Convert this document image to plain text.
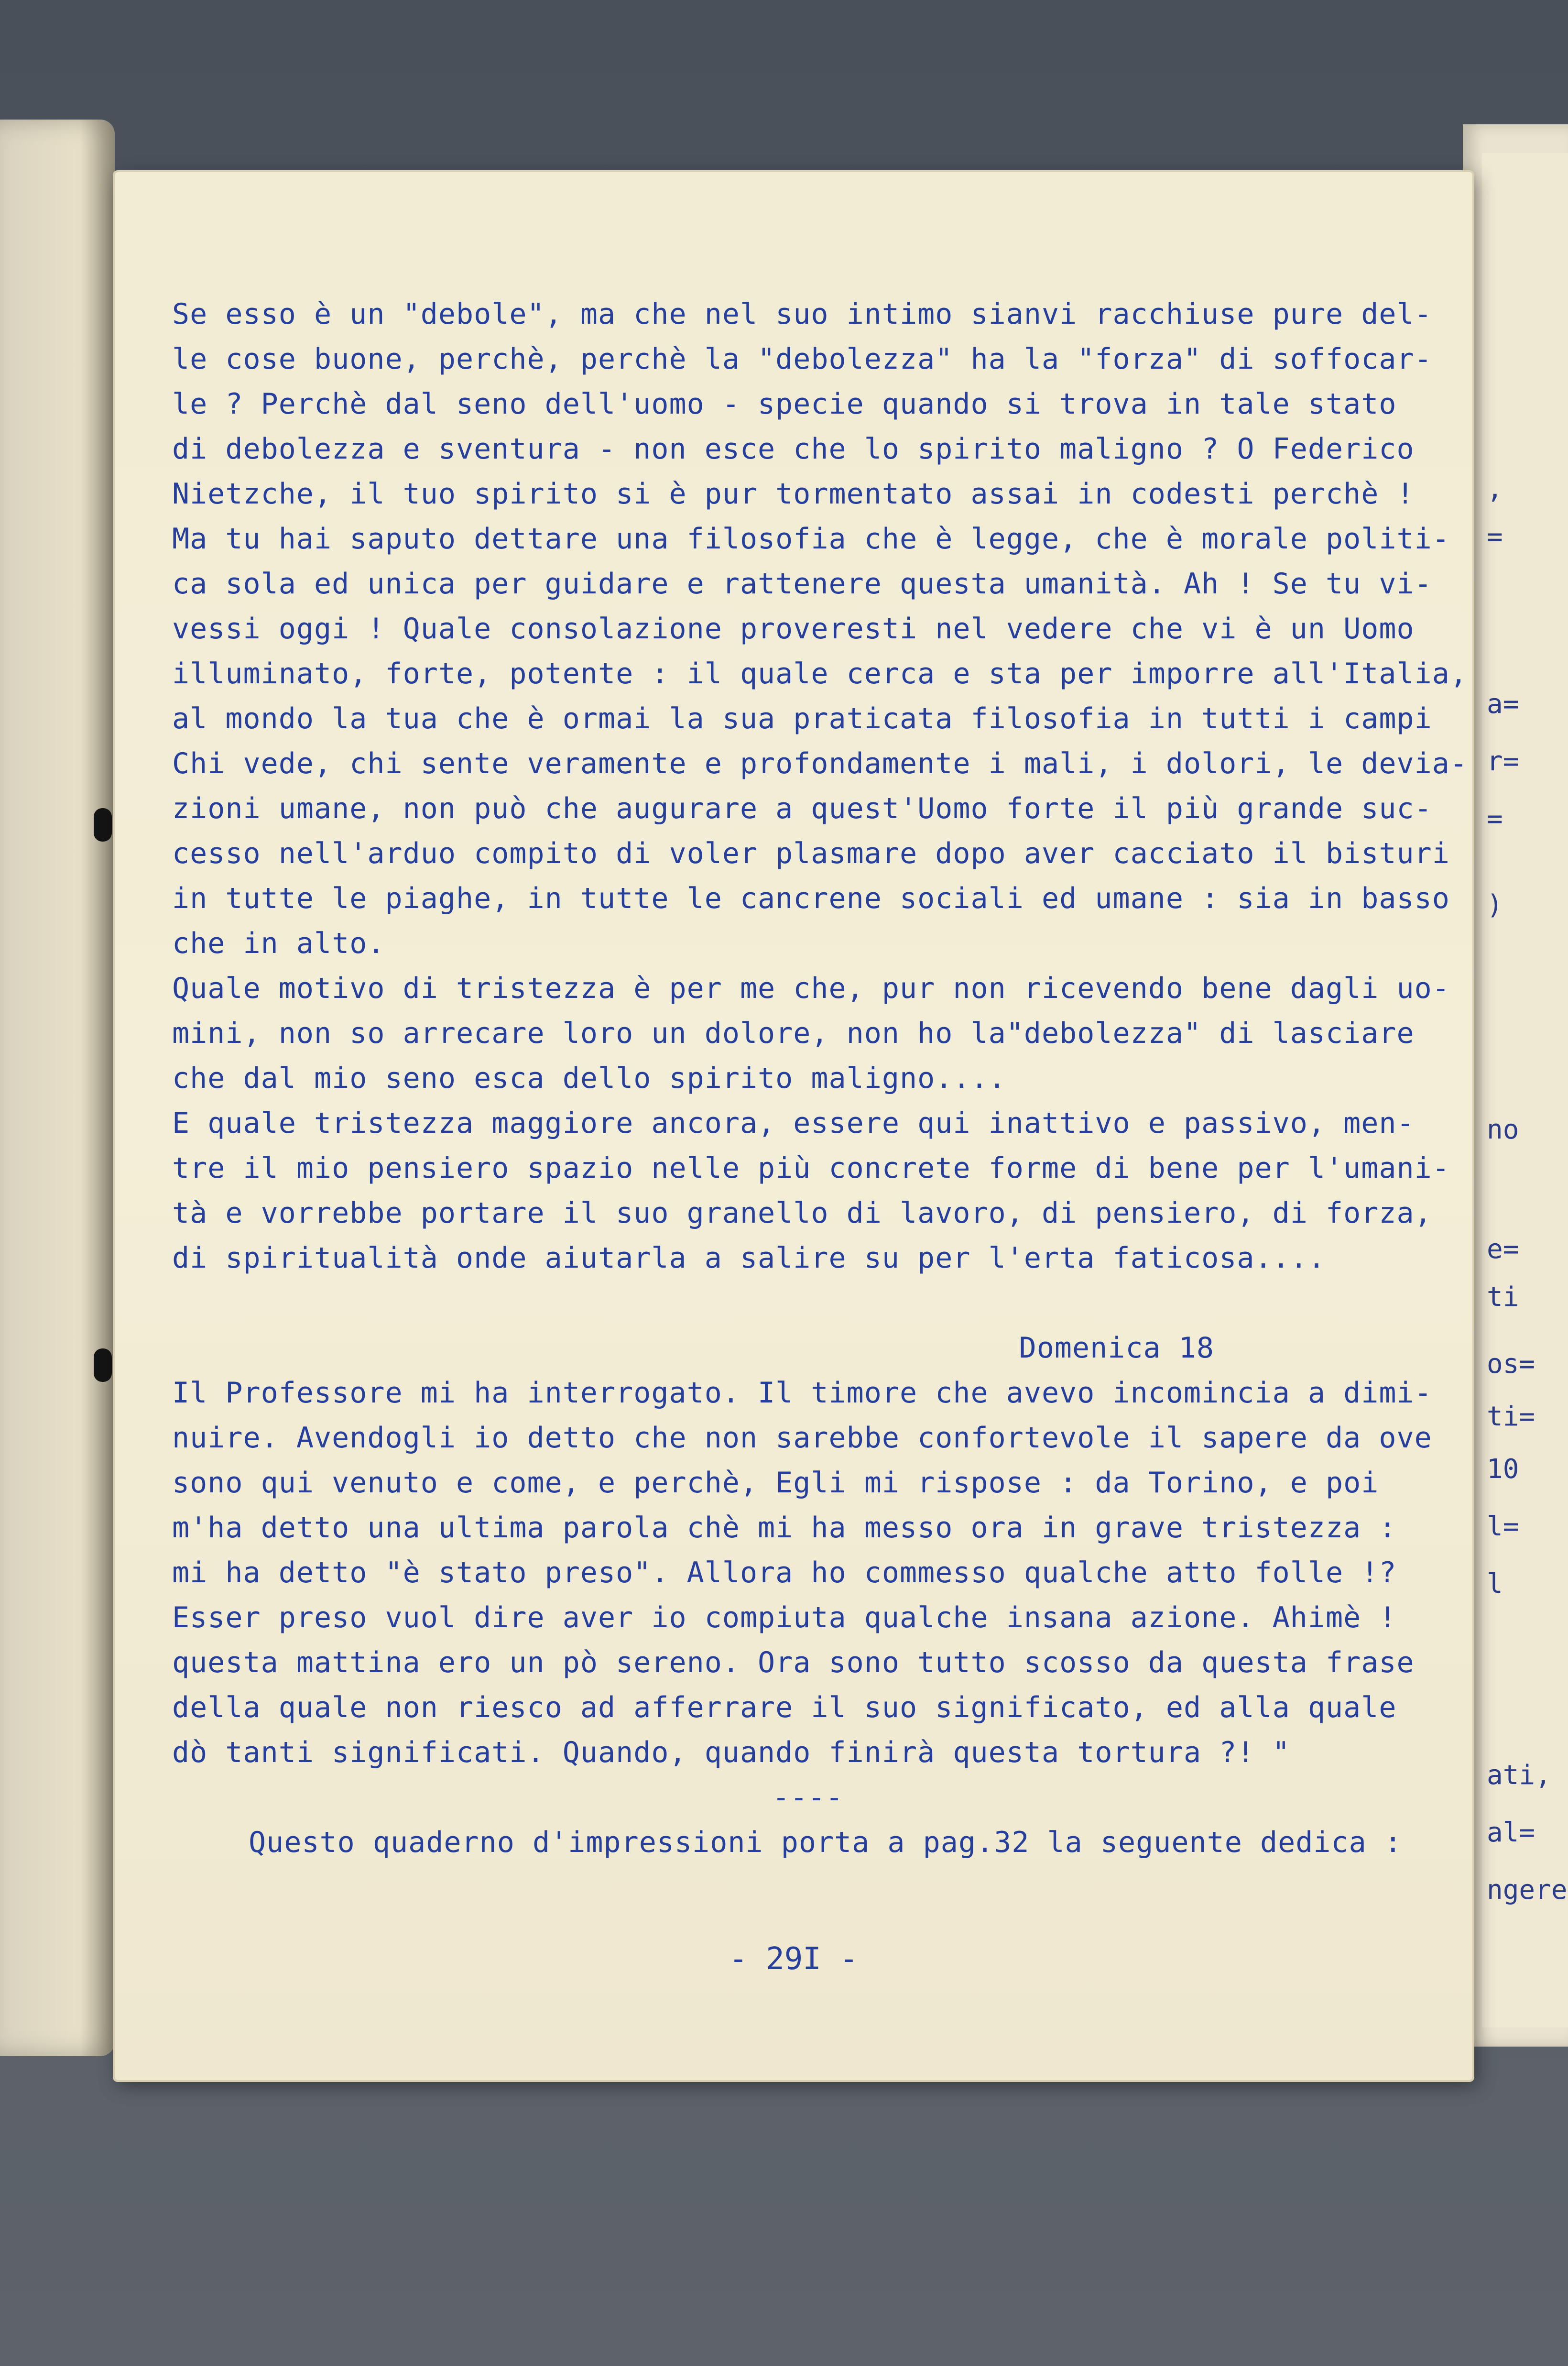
,
=
a=
r=
=
)
no
e=
ti
os=
ti=
10
l=
l
ati,
al=
ngere
Se esso è un "debole", ma che nel suo intimo sianvi racchiuse pure del-
le cose buone, perchè, perchè la "debolezza" ha la "forza" di soffocar-
le ? Perchè dal seno dell'uomo - specie quando si trova in tale stato
di debolezza e sventura - non esce che lo spirito maligno ? O Federico
Nietzche, il tuo spirito si è pur tormentato assai in codesti perchè !
Ma tu hai saputo dettare una filosofia che è legge, che è morale politi-
ca sola ed unica per guidare e rattenere questa umanità. Ah ! Se tu vi-
vessi oggi ! Quale consolazione proveresti nel vedere che vi è un Uomo
illuminato, forte, potente : il quale cerca e sta per imporre all'Italia,
al mondo la tua che è ormai la sua praticata filosofia in tutti i campi
Chi vede, chi sente veramente e profondamente i mali, i dolori, le devia-
zioni umane, non può che augurare a quest'Uomo forte il più grande suc-
cesso nell'arduo compito di voler plasmare dopo aver cacciato il bisturi
in tutte le piaghe, in tutte le cancrene sociali ed umane : sia in basso
che in alto.
Quale motivo di tristezza è per me che, pur non ricevendo bene dagli uo-
mini, non so arrecare loro un dolore, non ho la"debolezza" di lasciare
che dal mio seno esca dello spirito maligno....
E quale tristezza maggiore ancora, essere qui inattivo e passivo, men-
tre il mio pensiero spazio nelle più concrete forme di bene per l'umani-
tà e vorrebbe portare il suo granello di lavoro, di pensiero, di forza,
di spiritualità onde aiutarla a salire su per l'erta faticosa....

Domenica 18
Il Professore mi ha interrogato. Il timore che avevo incomincia a dimi-
nuire. Avendogli io detto che non sarebbe confortevole il sapere da ove
sono qui venuto e come, e perchè, Egli mi rispose : da Torino, e poi
m'ha detto una ultima parola chè mi ha messo ora in grave tristezza :
mi ha detto "è stato preso". Allora ho commesso qualche atto folle !?
Esser preso vuol dire aver io compiuta qualche insana azione. Ahimè !
questa mattina ero un pò sereno. Ora sono tutto scosso da questa frase
della quale non riesco ad afferrare il suo significato, ed alla quale
dò tanti significati. Quando, quando finirà questa tortura ?! "
----
Questo quaderno d'impressioni porta a pag.32 la seguente dedica :
- 29I -
